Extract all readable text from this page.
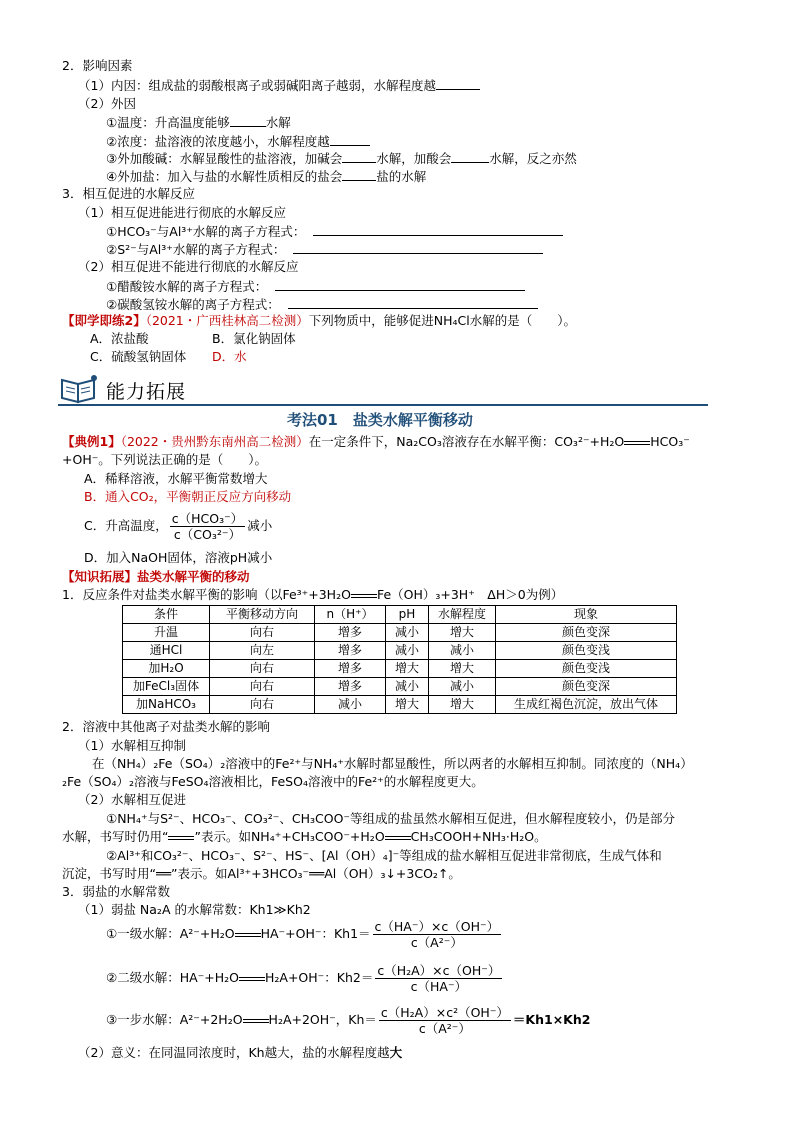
2．影响因素
（1）内因：组成盐的弱酸根离子或弱碱阳离子越弱，水解程度越
（2）外因
①温度：升高温度能够	水解
②浓度：盐溶液的浓度越小，水解程度越
③外加酸碱：水解显酸性的盐溶液，加碱会	水解，加酸会	水解，反之亦然
④外加盐：加入与盐的水解性质相反的盐会	盐的水解
3．相互促进的水解反应
（1）相互促进能进行彻底的水解反应
①HCO₃⁻与Al³⁺水解的离子方程式：
②S²⁻与Al³⁺水解的离子方程式：
（2）相互促进不能进行彻底的水解反应
①醋酸铵水解的离子方程式：
②碳酸氢铵水解的离子方程式：
【即学即练2】（2021・广西桂林高二检测）下列物质中，能够促进NH₄Cl水解的是（　　）。
A．浓盐酸	B．氯化钠固体
C．硫酸氢钠固体 D．水
能力拓展
考法01　盐类水解平衡移动
【典例1】（2022・贵州黔东南州高二检测）在一定条件下，Na₂CO₃溶液存在水解平衡：CO₃²⁻+H₂O HCO₃⁻
+OH⁻。下列说法正确的是（　　）。
A．稀释溶液，水解平衡常数增大
B．通入CO₂，平衡朝正反应方向移动
C．升高温度， $\frac{\text{c（HCO₃⁻）}}{\text{c（CO₃²⁻）}}$ 减小
D．加入NaOH固体，溶液pH减小
【知识拓展】盐类水解平衡的移动
1．反应条件对盐类水解平衡的影响（以Fe³⁺+3H₂O Fe（OH）₃+3H⁺　ΔH＞0为例）
条件	平衡移动方向	n（H⁺）	pH	水解程度	现象
升温	向右	增多	减小	增大	颜色变深
通HCl	向左	增多	减小	减小	颜色变浅
加H₂O	向右	增多	增大	增大	颜色变浅
加FeCl₃固体	向右	增多	减小	减小	颜色变深
加NaHCO₃	向右	减小	增大	增大	生成红褐色沉淀，放出气体
2．溶液中其他离子对盐类水解的影响
（1）水解相互抑制
在（NH₄）₂Fe（SO₄）₂溶液中的Fe²⁺与NH₄⁺水解时都显酸性，所以两者的水解相互抑制。同浓度的（NH₄）
₂Fe（SO₄）₂溶液与FeSO₄溶液相比，FeSO₄溶液中的Fe²⁺的水解程度更大。
（2）水解相互促进
①NH₄⁺与S²⁻、HCO₃⁻、CO₃²⁻、CH₃COO⁻等组成的盐虽然水解相互促进，但水解程度较小，仍是部分
水解，书写时仍用“ ”表示。如NH₄⁺+CH₃COO⁻+H₂O CH₃COOH+NH₃·H₂O。
②Al³⁺和CO₃²⁻、HCO₃⁻、S²⁻、HS⁻、[Al（OH）₄]⁻等组成的盐水解相互促进非常彻底，生成气体和
沉淀，书写时用“══”表示。如Al³⁺+3HCO₃⁻══Al（OH）₃↓+3CO₂↑。
3．弱盐的水解常数
（1）弱盐 Na₂A 的水解常数：Kh1≫Kh2
①一级水解：A²⁻+H₂O HA⁻+OH⁻：$Kh1= \frac{c(HA^-)\times c(OH^-)}{\text{c（A²⁻）}}$
②二级水解：HA⁻+H₂O H₂A+OH⁻：$Kh2= \frac{\text{c（H₂A）×c（OH⁻）}}{c(HA^-)}$
③一步水解：A²⁻+2H₂O H₂A+2OH⁻，$Kh= \frac{\text{c（H₂A）×c²（OH⁻）}}{\text{c（A²⁻）}} =Kh1\times Kh2$
（2）意义：在同温同浓度时，Kh越大，盐的水解程度越大
